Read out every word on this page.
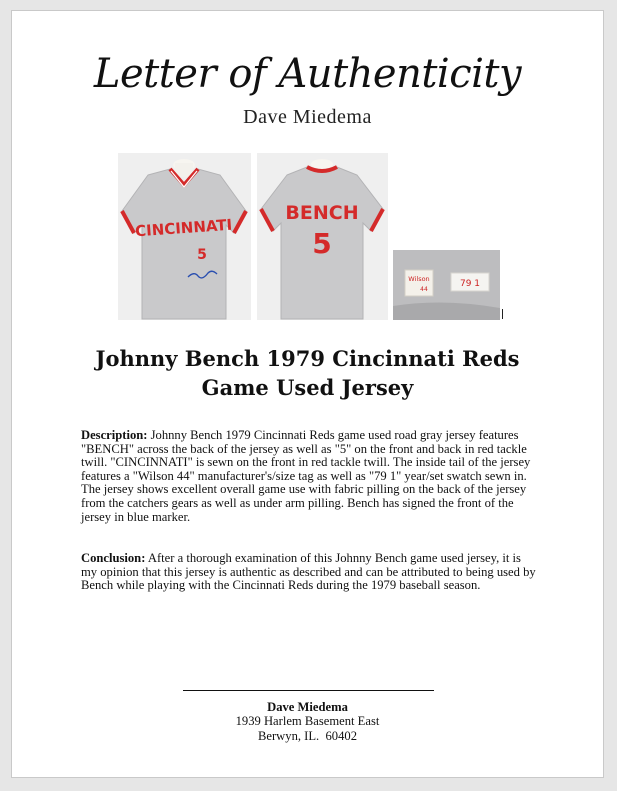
Letter of Authenticity
Dave Miedema
CINCINNATI
5
BENCH
5
Wilson
44
79 1
Johnny Bench 1979 Cincinnati Reds
Game Used Jersey

Description: Johnny Bench 1979 Cincinnati Reds game used road gray jersey features "BENCH" across the back of the jersey as well as "5" on the front and back in red tackle twill. "CINCINNATI" is sewn on the front in red tackle twill. The inside tail of the jersey features a "Wilson 44" manufacturer's/size tag as well as "79 1" year/set swatch sewn in. The jersey shows excellent overall game use with fabric pilling on the back of the jersey from the catchers gears as well as under arm pilling. Bench has signed the front of the jersey in blue marker.

Conclusion: After a thorough examination of this Johnny Bench game used jersey, it is my opinion that this jersey is authentic as described and can be attributed to being used by Bench while playing with the Cincinnati Reds during the 1979 baseball season.

Dave Miedema
1939 Harlem Basement East
Berwyn, IL.  60402
